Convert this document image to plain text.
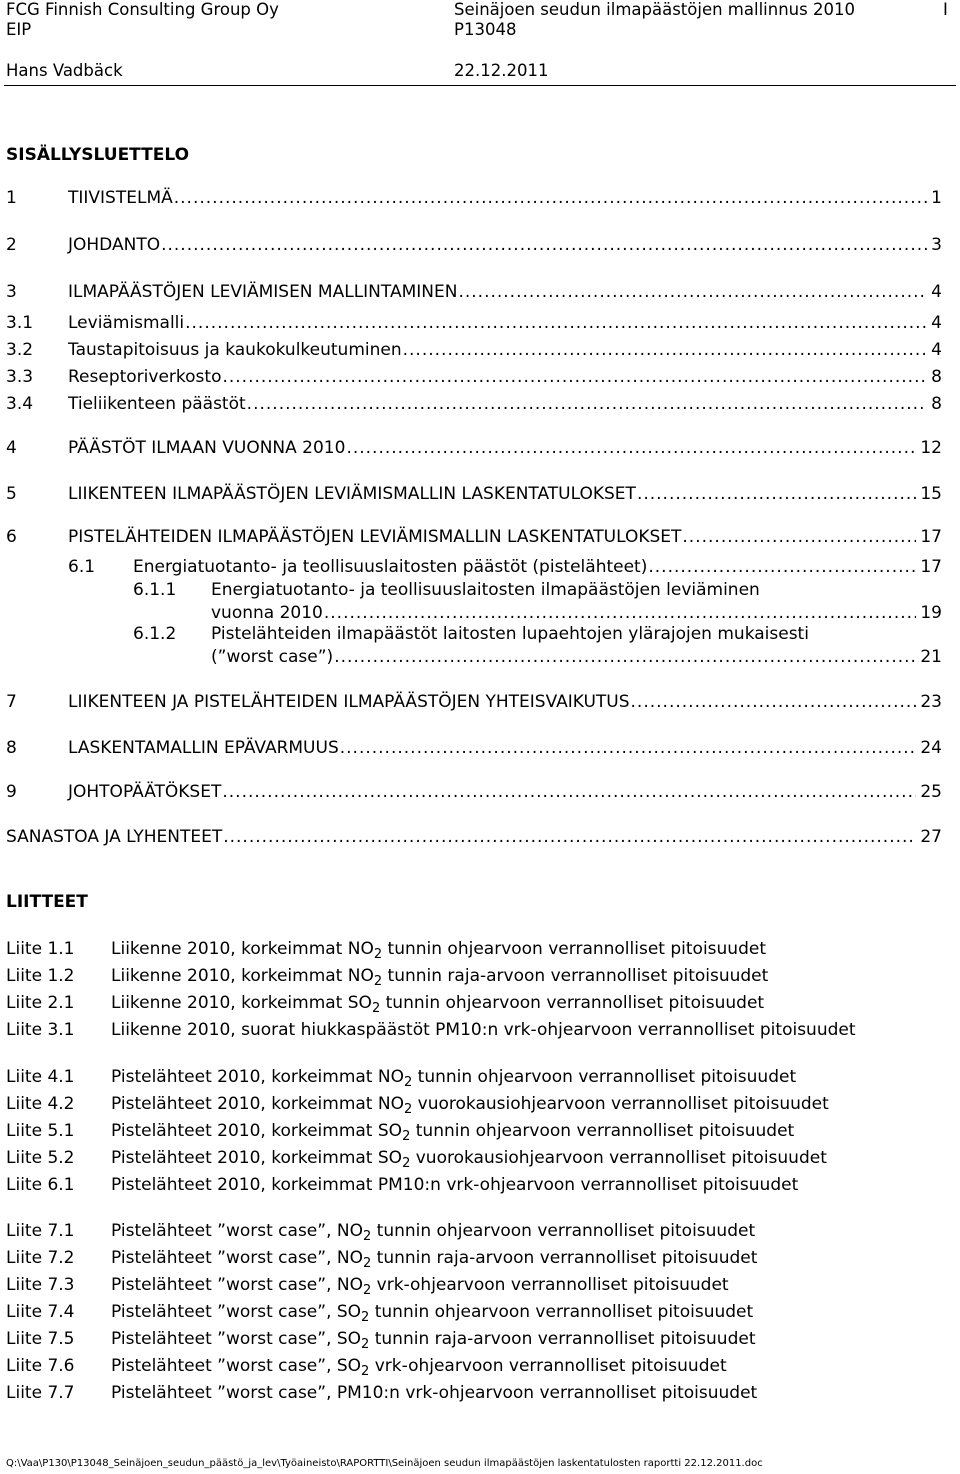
FCG Finnish Consulting Group Oy
EIP
Hans Vadbäck
Seinäjoen seudun ilmapäästöjen mallinnus 2010
P13048
22.12.2011
I
SISÄLLYSLUETTELO
1	TIIVISTELMÄ .....	1
2	JOHDANTO .....	3
3	ILMAPÄÄSTÖJEN LEVIÄMISEN MALLINTAMINEN .....	4
3.1 Leviämismalli .....	4
3.2 Taustapitoisuus ja kaukokulkeutuminen .....	4
3.3 Reseptoriverkosto .....	8
3.4 Tieliikenteen päästöt .....	8
4	PÄÄSTÖT ILMAAN VUONNA 2010 .....	12
5	LIIKENTEEN ILMAPÄÄSTÖJEN LEVIÄMISMALLIN LASKENTATULOKSET .....	15
6	PISTELÄHTEIDEN ILMAPÄÄSTÖJEN LEVIÄMISMALLIN LASKENTATULOKSET .....	17
6.1 Energiatuotanto- ja teollisuuslaitosten päästöt (pistelähteet) .....	17
6.1.1 Energiatuotanto- ja teollisuuslaitosten ilmapäästöjen leviäminen
vuonna 2010 .....	19
6.1.2 Pistelähteiden ilmapäästöt laitosten lupaehtojen ylärajojen mukaisesti
(”worst case”) .....	21
7	LIIKENTEEN JA PISTELÄHTEIDEN ILMAPÄÄSTÖJEN YHTEISVAIKUTUS .....	23
8	LASKENTAMALLIN EPÄVARMUUS .....	24
9	JOHTOPÄÄTÖKSET .....	25
SANASTOA JA LYHENTEET .....	27
LIITTEET
Liite 1.1 Liikenne 2010, korkeimmat $NO_2$ tunnin ohjearvoon verrannolliset pitoisuudet
Liite 1.2 Liikenne 2010, korkeimmat $NO_2$ tunnin raja-arvoon verrannolliset pitoisuudet
Liite 2.1 Liikenne 2010, korkeimmat $SO_2$ tunnin ohjearvoon verrannolliset pitoisuudet
Liite 3.1 Liikenne 2010, suorat hiukkaspäästöt PM10:n vrk-ohjearvoon verrannolliset pitoisuudet
Liite 4.1 Pistelähteet 2010, korkeimmat $NO_2$ tunnin ohjearvoon verrannolliset pitoisuudet
Liite 4.2 Pistelähteet 2010, korkeimmat $NO_2$ vuorokausiohjearvoon verrannolliset pitoisuudet
Liite 5.1 Pistelähteet 2010, korkeimmat $SO_2$ tunnin ohjearvoon verrannolliset pitoisuudet
Liite 5.2 Pistelähteet 2010, korkeimmat $SO_2$ vuorokausiohjearvoon verrannolliset pitoisuudet
Liite 6.1 Pistelähteet 2010, korkeimmat PM10:n vrk-ohjearvoon verrannolliset pitoisuudet
Liite 7.1 Pistelähteet ”worst case”, $NO_2$ tunnin ohjearvoon verrannolliset pitoisuudet
Liite 7.2 Pistelähteet ”worst case”, $NO_2$ tunnin raja-arvoon verrannolliset pitoisuudet
Liite 7.3 Pistelähteet ”worst case”, $NO_2$ vrk-ohjearvoon verrannolliset pitoisuudet
Liite 7.4 Pistelähteet ”worst case”, $SO_2$ tunnin ohjearvoon verrannolliset pitoisuudet
Liite 7.5 Pistelähteet ”worst case”, $SO_2$ tunnin raja-arvoon verrannolliset pitoisuudet
Liite 7.6 Pistelähteet ”worst case”, $SO_2$ vrk-ohjearvoon verrannolliset pitoisuudet
Liite 7.7 Pistelähteet ”worst case”, PM10:n vrk-ohjearvoon verrannolliset pitoisuudet
Q:\Vaa\P130\P13048_Seinäjoen_seudun_päästö_ja_lev\Työaineisto\RAPORTTI\Seinäjoen seudun ilmapäästöjen laskentatulosten raportti 22.12.2011.doc
